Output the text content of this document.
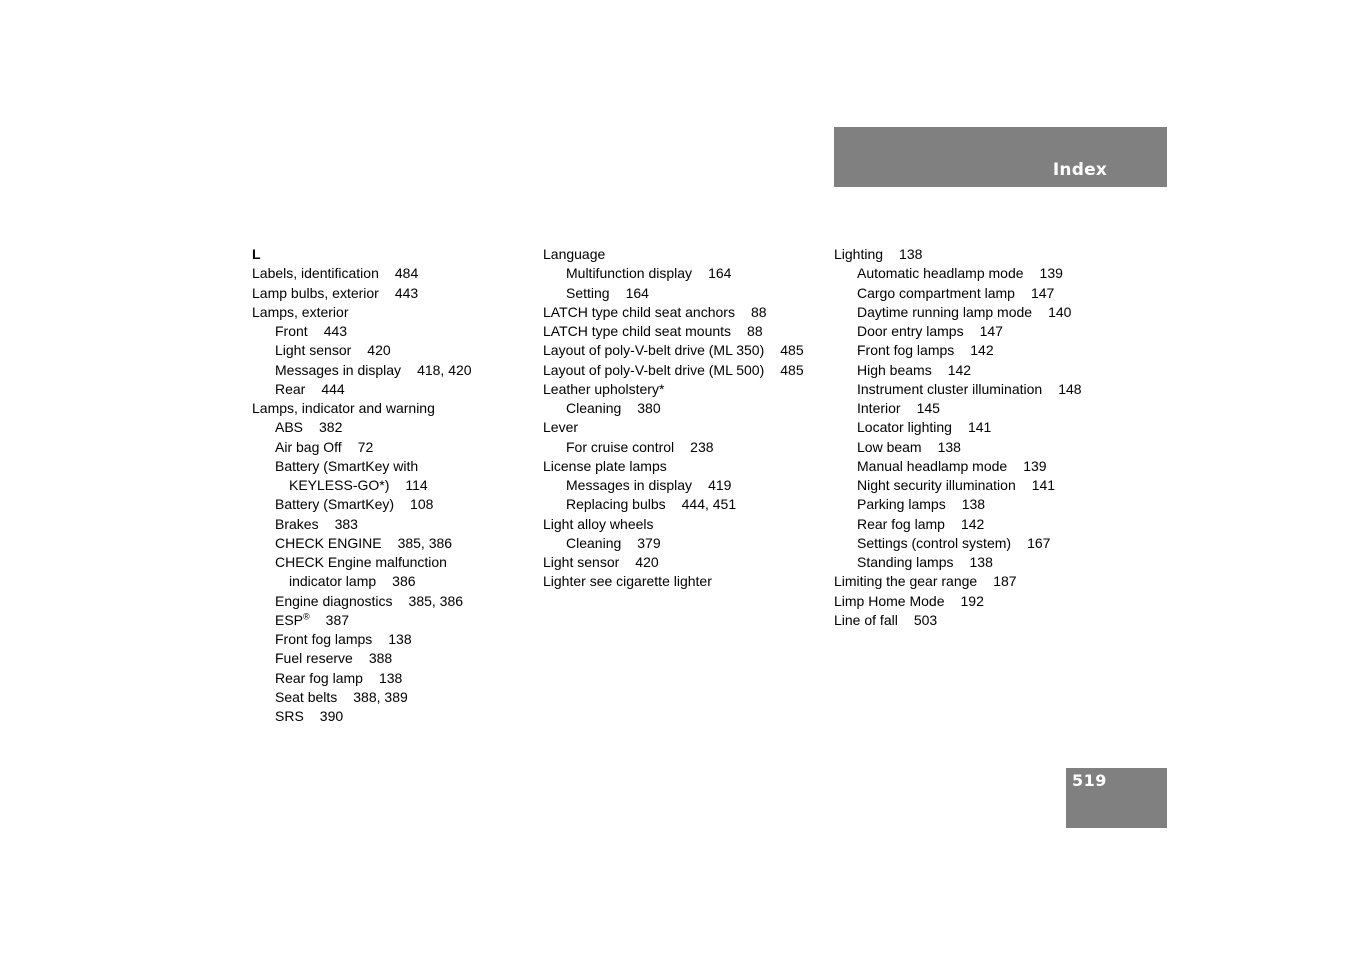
Index
L
Labels, identification 484
Lamp bulbs, exterior 443
Lamps, exterior
Front 443
Light sensor 420
Messages in display 418, 420
Rear 444
Lamps, indicator and warning
ABS 382
Air bag Off 72
Battery (SmartKey with
KEYLESS-GO*) 114
Battery (SmartKey) 108
Brakes 383
CHECK ENGINE 385, 386
CHECK Engine malfunction
indicator lamp 386
Engine diagnostics 385, 386
ESP® 387
Front fog lamps 138
Fuel reserve 388
Rear fog lamp 138
Seat belts 388, 389
SRS 390
Language
Multifunction display 164
Setting 164
LATCH type child seat anchors 88
LATCH type child seat mounts 88
Layout of poly-V-belt drive (ML 350) 485
Layout of poly-V-belt drive (ML 500) 485
Leather upholstery*
Cleaning 380
Lever
For cruise control 238
License plate lamps
Messages in display 419
Replacing bulbs 444, 451
Light alloy wheels
Cleaning 379
Light sensor 420
Lighter see cigarette lighter
Lighting 138
Automatic headlamp mode 139
Cargo compartment lamp 147
Daytime running lamp mode 140
Door entry lamps 147
Front fog lamps 142
High beams 142
Instrument cluster illumination 148
Interior 145
Locator lighting 141
Low beam 138
Manual headlamp mode 139
Night security illumination 141
Parking lamps 138
Rear fog lamp 142
Settings (control system) 167
Standing lamps 138
Limiting the gear range 187
Limp Home Mode 192
Line of fall 503
519
